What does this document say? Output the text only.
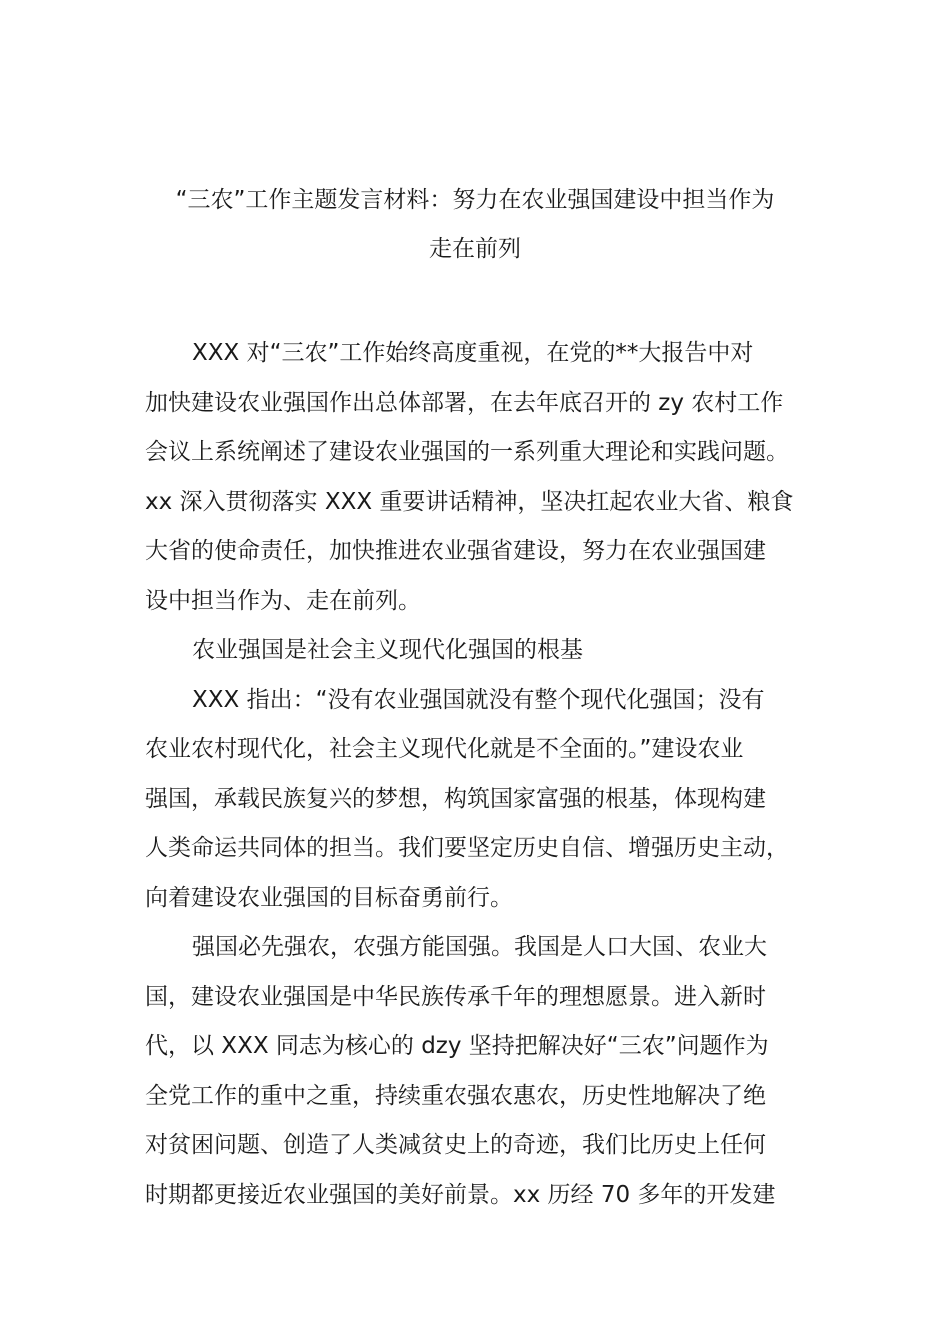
“三农”工作主题发言材料：努力在农业强国建设中担当作为
走在前列

XXX 对“三农”工作始终高度重视，在党的**大报告中对

加快建设农业强国作出总体部署，在去年底召开的 zy 农村工作

会议上系统阐述了建设农业强国的一系列重大理论和实践问题。

xx 深入贯彻落实 XXX 重要讲话精神，坚决扛起农业大省、粮食

大省的使命责任，加快推进农业强省建设，努力在农业强国建

设中担当作为、走在前列。

农业强国是社会主义现代化强国的根基

XXX 指出：“没有农业强国就没有整个现代化强国；没有

农业农村现代化，社会主义现代化就是不全面的。”建设农业

强国，承载民族复兴的梦想，构筑国家富强的根基，体现构建

人类命运共同体的担当。我们要坚定历史自信、增强历史主动，

向着建设农业强国的目标奋勇前行。

强国必先强农，农强方能国强。我国是人口大国、农业大

国，建设农业强国是中华民族传承千年的理想愿景。进入新时

代，以 XXX 同志为核心的 dzy 坚持把解决好“三农”问题作为

全党工作的重中之重，持续重农强农惠农，历史性地解决了绝

对贫困问题、创造了人类减贫史上的奇迹，我们比历史上任何

时期都更接近农业强国的美好前景。xx 历经 70 多年的开发建
